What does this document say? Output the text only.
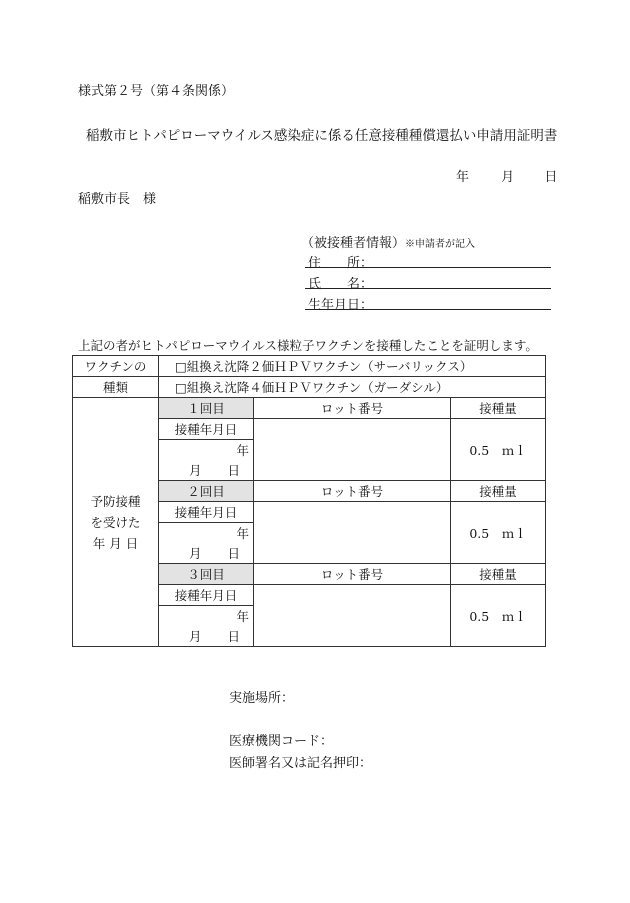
様式第２号（第４条関係）
稲敷市ヒトパピローマウイルス感染症に係る任意接種種償還払い申請用証明書
年 月 日
稲敷市長　様
（被接種者情報）※申請者が記入
住　　所：
氏　　名：
生年月日：
上記の者がヒトパピローマウイルス様粒子ワクチンを接種したことを証明します。
ワクチンの	□組換え沈降２価ＨＰＶワクチン（サーバリックス）		
種類	□組換え沈降４価ＨＰＶワクチン（ガーダシル）		

予防接種
を受けた
年 月 日	１回目	ロット番号	接種量
	接種年月日		0.5　ｍｌ
	年		
	月 日		
	２回目	ロット番号	接種量
	接種年月日		0.5　ｍｌ
	年		
	月 日		
	３回目	ロット番号	接種量
	接種年月日		0.5　ｍｌ
	年		
	月 日		
実施場所：
医療機関コード：
医師署名又は記名押印：
